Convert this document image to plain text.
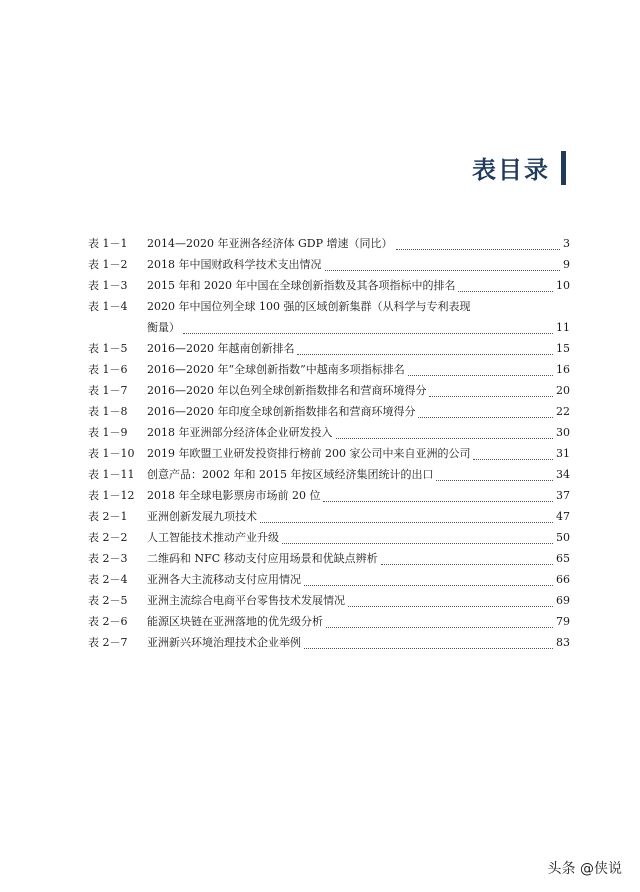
表目录
表 1－1 2014—2020 年亚洲各经济体 GDP 增速（同比）	3
表 1－2 2018 年中国财政科学技术支出情况	9
表 1－3 2015 年和 2020 年中国在全球创新指数及其各项指标中的排名	10
表 1－4 2020 年中国位列全球 100 强的区域创新集群（从科学与专利表现
衡量）	11
表 1－5 2016—2020 年越南创新排名	15
表 1－6 2016—2020 年“全球创新指数”中越南多项指标排名	16
表 1－7 2016—2020 年以色列全球创新指数排名和营商环境得分	20
表 1－8 2016—2020 年印度全球创新指数排名和营商环境得分	22
表 1－9 2018 年亚洲部分经济体企业研发投入	30
表 1－10 2019 年欧盟工业研发投资排行榜前 200 家公司中来自亚洲的公司	31
表 1－11 创意产品：2002 年和 2015 年按区域经济集团统计的出口	34
表 1－12 2018 年全球电影票房市场前 20 位	37
表 2－1 亚洲创新发展九项技术	47
表 2－2 人工智能技术推动产业升级	50
表 2－3 二维码和 NFC 移动支付应用场景和优缺点辨析	65
表 2－4 亚洲各大主流移动支付应用情况	66
表 2－5 亚洲主流综合电商平台零售技术发展情况	69
表 2－6 能源区块链在亚洲落地的优先级分析	79
表 2－7 亚洲新兴环境治理技术企业举例	83
头条 @侠说
